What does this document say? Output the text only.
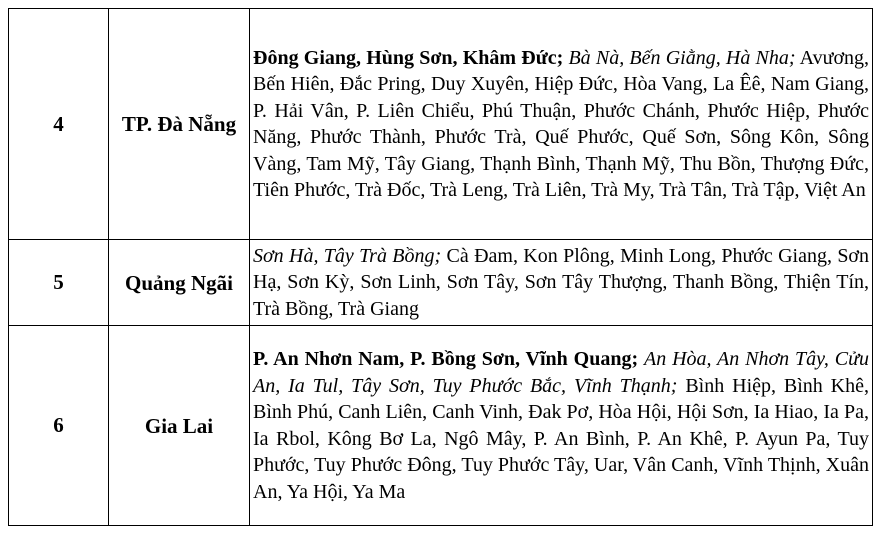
4	TP. Đà Nẵng	Đông Giang, Hùng Sơn, Khâm Đức; Bà Nà, Bến Giằng, Hà Nha; Avương, Bến Hiên, Đắc Pring, Duy Xuyên, Hiệp Đức, Hòa Vang, La Êê, Nam Giang, P. Hải Vân, P. Liên Chiểu, Phú Thuận, Phước Chánh, Phước Hiệp, Phước Năng, Phước Thành, Phước Trà, Quế Phước, Quế Sơn, Sông Kôn, Sông Vàng, Tam Mỹ, Tây Giang, Thạnh Bình, Thạnh Mỹ, Thu Bồn, Thượng Đức, Tiên Phước, Trà Đốc, Trà Leng, Trà Liên, Trà My, Trà Tân, Trà Tập, Việt An
5	Quảng Ngãi	Sơn Hà, Tây Trà Bồng; Cà Đam, Kon Plông, Minh Long, Phước Giang, Sơn Hạ, Sơn Kỳ, Sơn Linh, Sơn Tây, Sơn Tây Thượng, Thanh Bồng, Thiện Tín, Trà Bồng, Trà Giang
6	Gia Lai	P. An Nhơn Nam, P. Bồng Sơn, Vĩnh Quang; An Hòa, An Nhơn Tây, Cửu An, Ia Tul, Tây Sơn, Tuy Phước Bắc, Vĩnh Thạnh; Bình Hiệp, Bình Khê, Bình Phú, Canh Liên, Canh Vinh, Đak Pơ, Hòa Hội, Hội Sơn, Ia Hiao, Ia Pa, Ia Rbol, Kông Bơ La, Ngô Mây, P. An Bình, P. An Khê, P. Ayun Pa, Tuy Phước, Tuy Phước Đông, Tuy Phước Tây, Uar, Vân Canh, Vĩnh Thịnh, Xuân An, Ya Hội, Ya Ma
